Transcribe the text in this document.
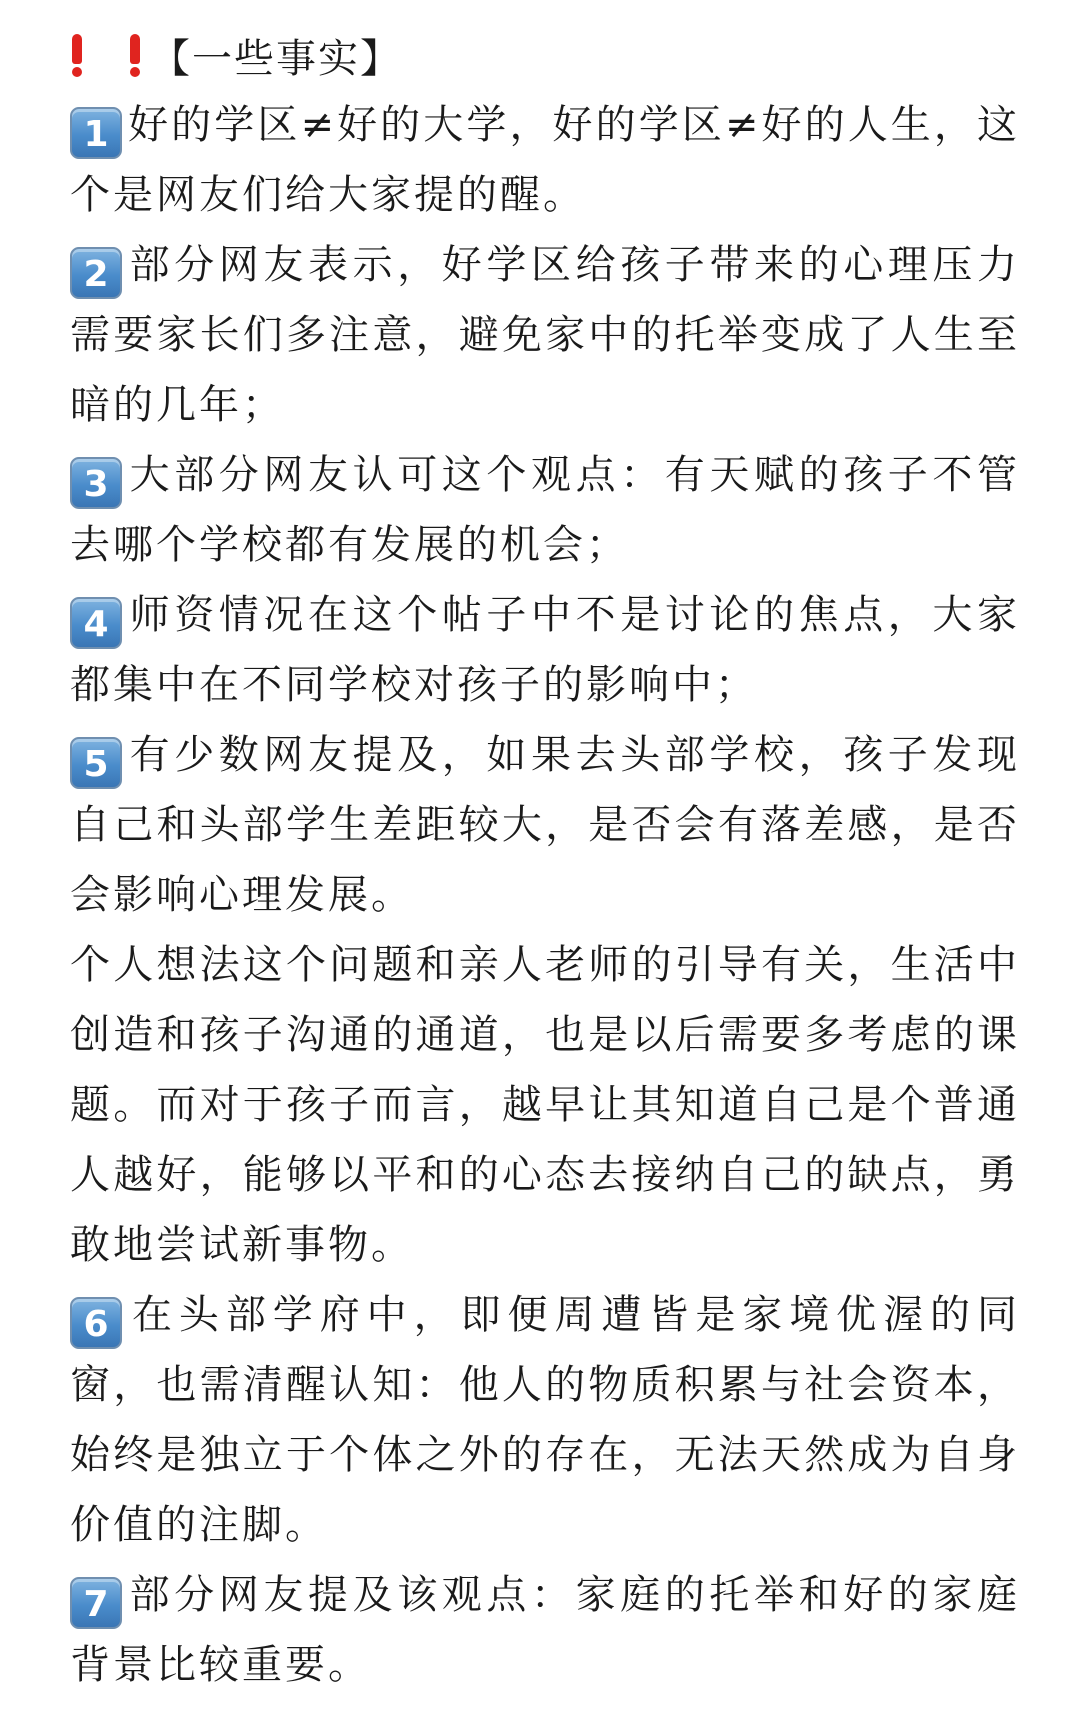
【一些事实】

1 好的学区≠好的大学，好的学区≠好的人生，这个是网友们给大家提的醒。

2 部分网友表示，好学区给孩子带来的心理压力需要家长们多注意，避免家中的托举变成了人生至暗的几年；

3 大部分网友认可这个观点：有天赋的孩子不管去哪个学校都有发展的机会；

4 师资情况在这个帖子中不是讨论的焦点，大家都集中在不同学校对孩子的影响中；

5 有少数网友提及，如果去头部学校，孩子发现自己和头部学生差距较大，是否会有落差感，是否会影响心理发展。

个人想法这个问题和亲人老师的引导有关，生活中创造和孩子沟通的通道，也是以后需要多考虑的课题。而对于孩子而言，越早让其知道自己是个普通人越好，能够以平和的心态去接纳自己的缺点，勇敢地尝试新事物。

6 在头部学府中，即便周遭皆是家境优渥的同窗，也需清醒认知：他人的物质积累与社会资本，始终是独立于个体之外的存在，无法天然成为自身价值的注脚。

7 部分网友提及该观点：家庭的托举和好的家庭背景比较重要。
